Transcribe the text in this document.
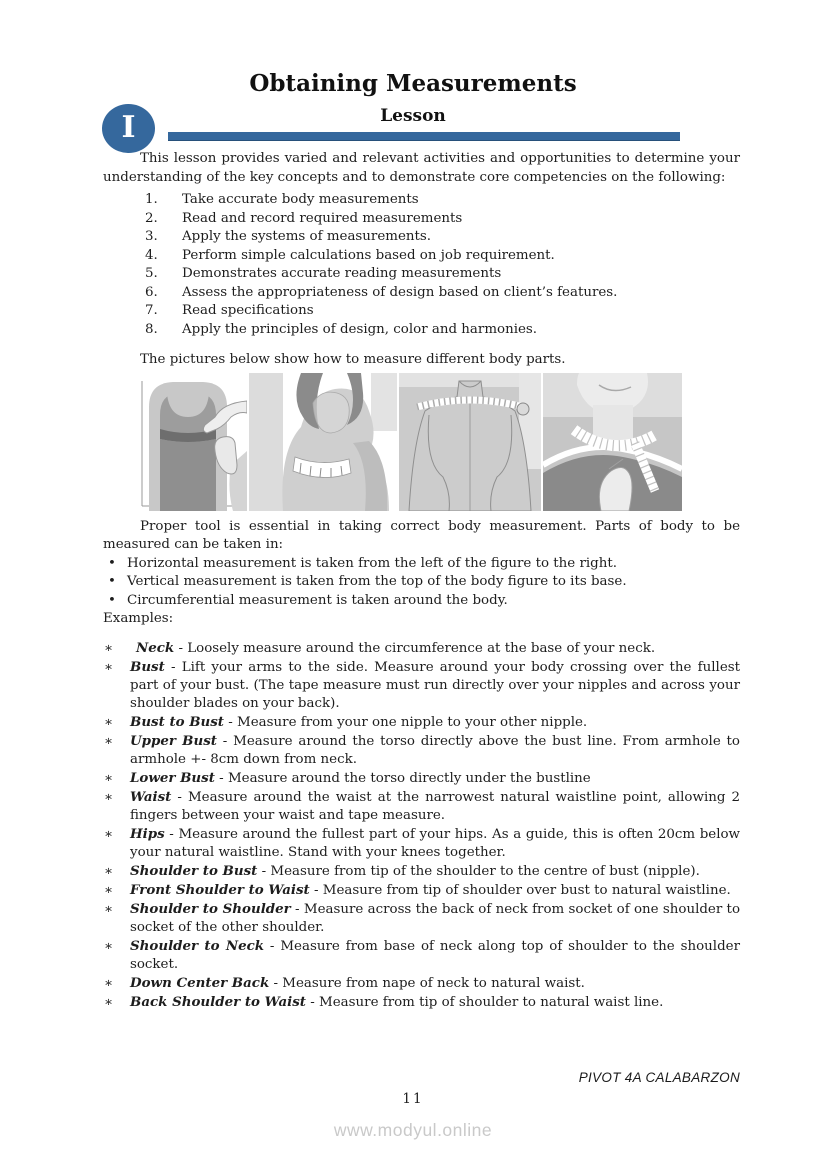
Obtaining Measurements
I	Lesson

This lesson provides varied and relevant activities and opportunities to determine your understanding of the key concepts and to demonstrate core competencies on the following:

1.	Take accurate body measurements
2.	Read and record required measurements
3.	Apply the systems of measurements.
4.	Perform simple calculations based on job requirement.
5.	Demonstrates accurate reading measurements
6.	Assess the appropriateness of design based on client’s features.
7.	Read specifications
8.	Apply the principles of design, color and harmonies.

The pictures below show how to measure different body parts.

Proper tool is essential in taking correct body measurement. Parts of body to be measured can be taken in:

• Horizontal measurement is taken from the left of the figure to the right.
• Vertical measurement is taken from the top of the body figure to its base.
• Circumferential measurement is taken around the body.

Examples:

∗ Neck - Loosely measure around the circumference at the base of your neck.
∗ Bust - Lift your arms to the side. Measure around your body crossing over the fullest part of your bust. (The tape measure must run directly over your nipples and across your shoulder blades on your back).
∗ Bust to Bust - Measure from your one nipple to your other nipple.
∗ Upper Bust - Measure around the torso directly above the bust line. From armhole to armhole +- 8cm down from neck.
∗ Lower Bust - Measure around the torso directly under the bustline
∗ Waist - Measure around the waist at the narrowest natural waistline point, allowing 2 fingers between your waist and tape measure.
∗ Hips - Measure around the fullest part of your hips. As a guide, this is often 20cm below your natural waistline. Stand with your knees together.
∗ Shoulder to Bust - Measure from tip of the shoulder to the centre of bust (nipple).
∗ Front Shoulder to Waist - Measure from tip of shoulder over bust to natural waistline.
∗ Shoulder to Shoulder - Measure across the back of neck from socket of one shoulder to socket of the other shoulder.
∗ Shoulder to Neck - Measure from base of neck along top of shoulder to the shoulder socket.
∗ Down Center Back - Measure from nape of neck to natural waist.
∗ Back Shoulder to Waist - Measure from tip of shoulder to natural waist line.
PIVOT 4A CALABARZON
11
www.modyul.online
